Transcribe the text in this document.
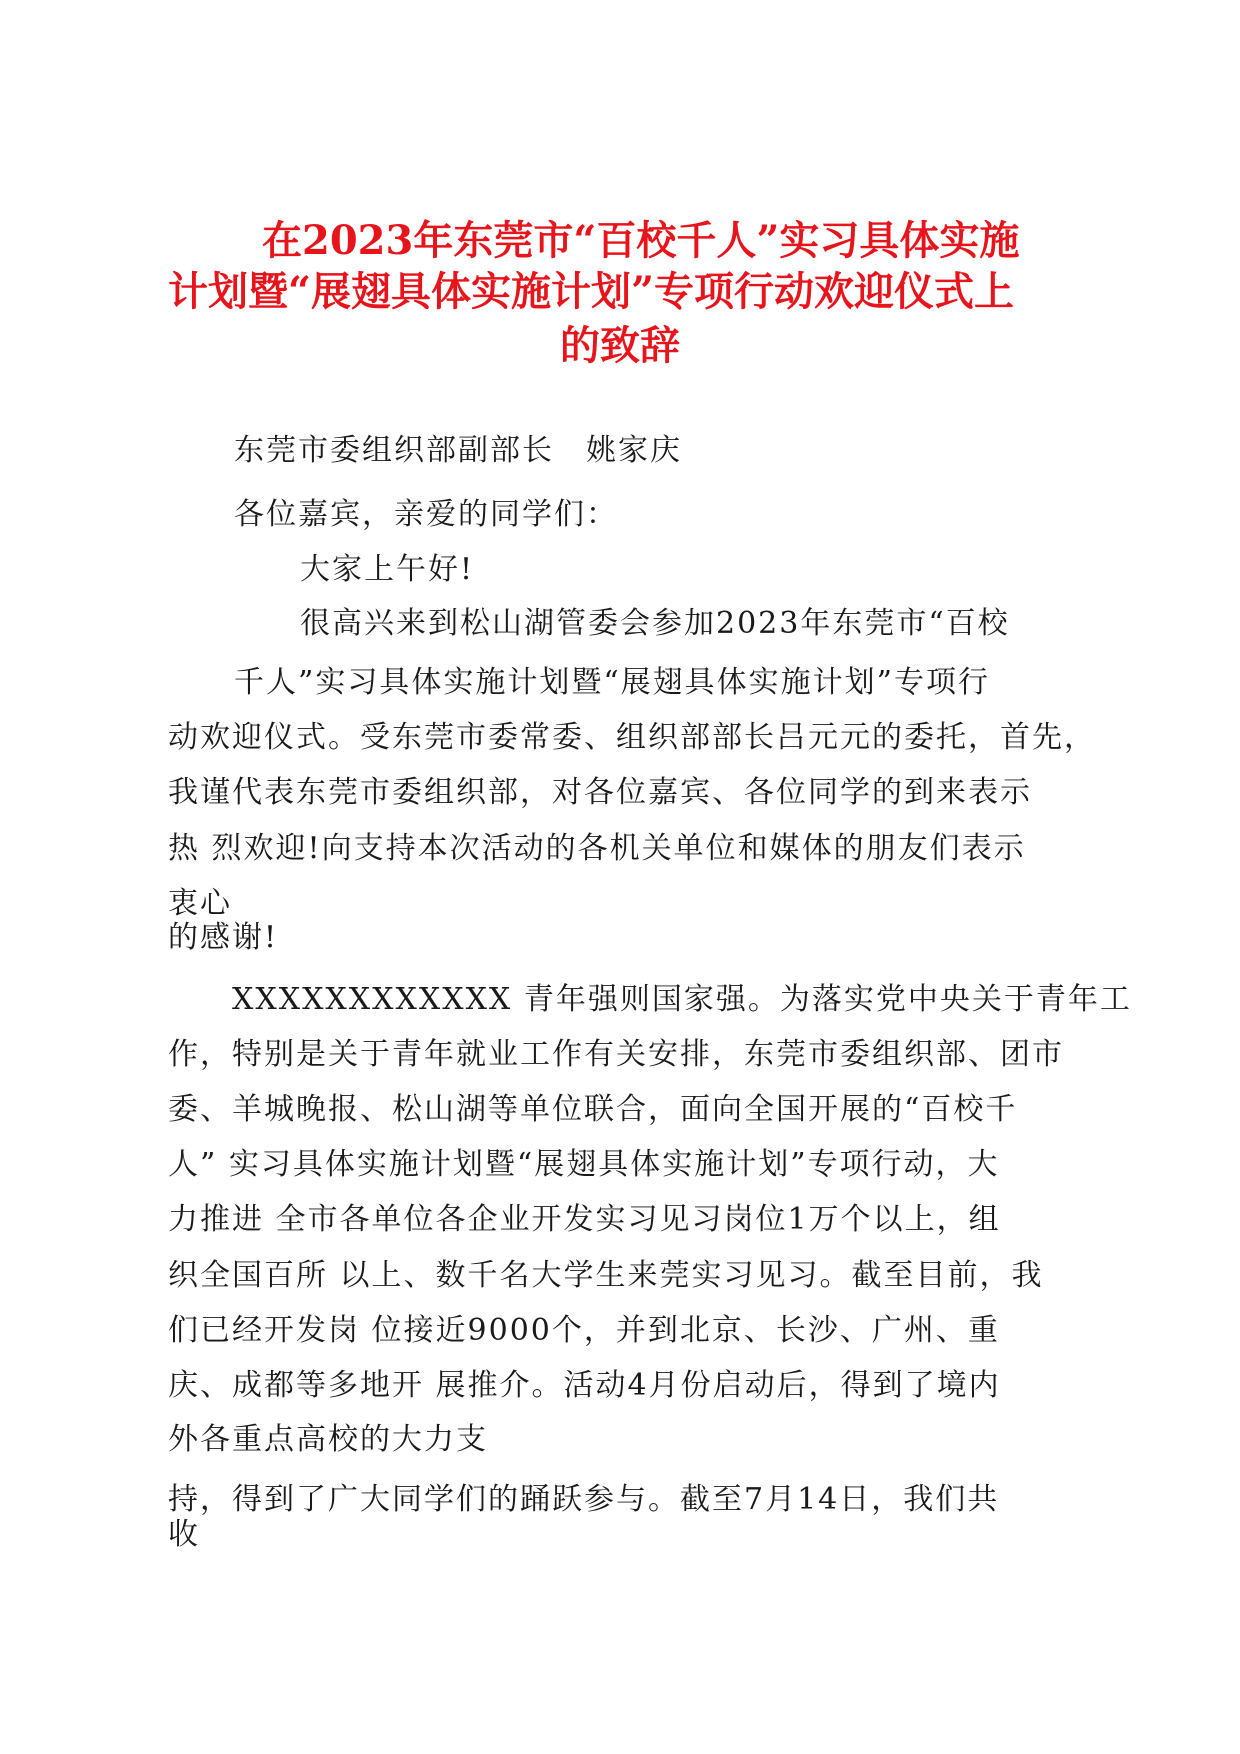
在2023年东莞市“百校千人”实习具体实施
计划暨“展翅具体实施计划”专项行动欢迎仪式上
的致辞
东莞市委组织部副部长　姚家庆
各位嘉宾，亲爱的同学们：
大家上午好!
很高兴来到松山湖管委会参加2023年东莞市“百校
千人”实习具体实施计划暨“展翅具体实施计划”专项行
动欢迎仪式。受东莞市委常委、组织部部长吕元元的委托，首先，
我谨代表东莞市委组织部，对各位嘉宾、各位同学的到来表示
热 烈欢迎!向支持本次活动的各机关单位和媒体的朋友们表示
衷心
的感谢!
XXXXXXXXXXXX 青年强则国家强。为落实党中央关于青年工
作，特别是关于青年就业工作有关安排，东莞市委组织部、团市
委、羊城晚报、松山湖等单位联合，面向全国开展的“百校千
人” 实习具体实施计划暨“展翅具体实施计划”专项行动，大
力推进 全市各单位各企业开发实习见习岗位1万个以上，组
织全国百所 以上、数千名大学生来莞实习见习。截至目前，我
们已经开发岗 位接近9000个，并到北京、长沙、广州、重
庆、成都等多地开 展推介。活动4月份启动后，得到了境内
外各重点高校的大力支
持，得到了广大同学们的踊跃参与。截至7月14日，我们共
收
